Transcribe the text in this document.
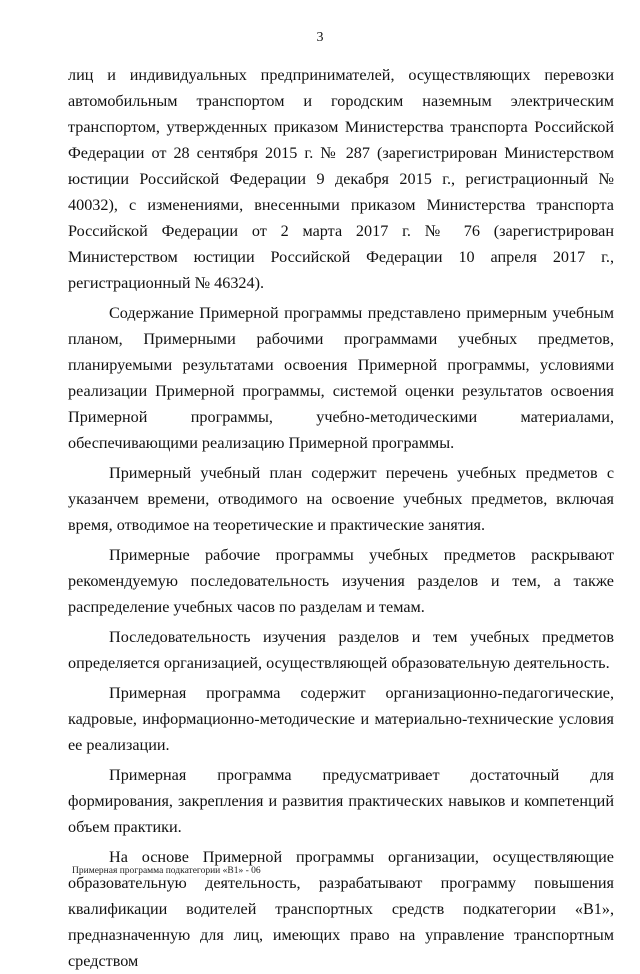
3

лиц и индивидуальных предпринимателей, осуществляющих перевозки автомобильным транспортом и городским наземным электрическим транспортом, утвержденных приказом Министерства транспорта Российской Федерации от 28 сентября 2015 г. № 287 (зарегистрирован Министерством юстиции Российской Федерации 9 декабря 2015 г., регистрационный № 40032), с изменениями, внесенными приказом Министерства транспорта Российской Федерации от 2 марта 2017 г. № 76 (зарегистрирован Министерством юстиции Российской Федерации 10 апреля 2017 г., регистрационный № 46324).

Содержание Примерной программы представлено примерным учебным планом, Примерными рабочими программами учебных предметов, планируемыми результатами освоения Примерной программы, условиями реализации Примерной программы, системой оценки результатов освоения Примерной программы, учебно-методическими материалами, обеспечивающими реализацию Примерной программы.

Примерный учебный план содержит перечень учебных предметов с указанчем времени, отводимого на освоение учебных предметов, включая время, отводимое на теоретические и практические занятия.

Примерные рабочие программы учебных предметов раскрывают рекомендуемую последовательность изучения разделов и тем, а также распределение учебных часов по разделам и темам.

Последовательность изучения разделов и тем учебных предметов определяется организацией, осуществляющей образовательную деятельность.

Примерная программа содержит организационно-педагогические, кадровые, информационно-методические и материально-технические условия ее реализации.

Примерная программа предусматривает достаточный для формирования, закрепления и развития практических навыков и компетенций объем практики.

На основе Примерной программы организации, осуществляющие образовательную деятельность, разрабатывают программу повышения квалификации водителей транспортных средств подкатегории «В1», предназначенную для лиц, имеющих право на управление транспортным средством

Примерная программа подкатегории «В1» - 06
